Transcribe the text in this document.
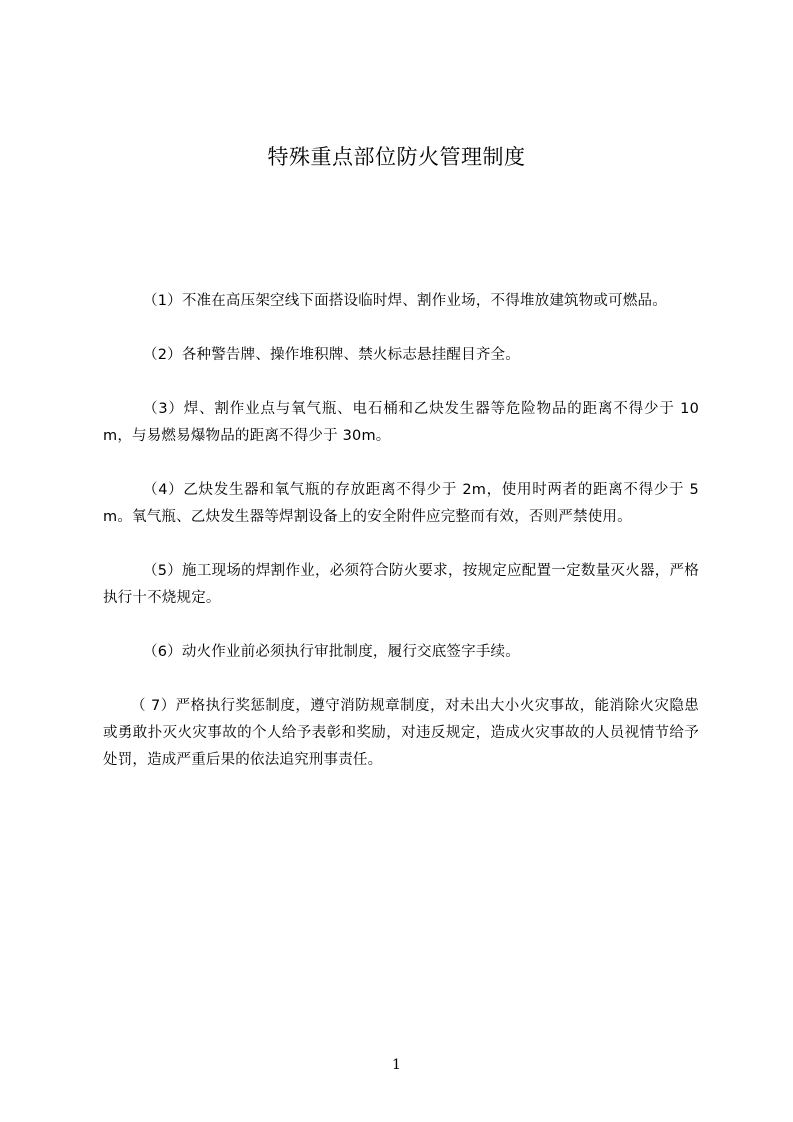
特殊重点部位防火管理制度

（1）不准在高压架空线下面搭设临时焊、割作业场，不得堆放建筑物或可燃品。

（2）各种警告牌、操作堆积牌、禁火标志悬挂醒目齐全。

（3）焊、割作业点与氧气瓶、电石桶和乙炔发生器等危险物品的距离不得少于 10m，与易燃易爆物品的距离不得少于 30m。

（4）乙炔发生器和氧气瓶的存放距离不得少于 2m，使用时两者的距离不得少于 5m。氧气瓶、乙炔发生器等焊割设备上的安全附件应完整而有效，否则严禁使用。

（5）施工现场的焊割作业，必须符合防火要求，按规定应配置一定数量灭火器，严格执行十不烧规定。

（6）动火作业前必须执行审批制度，履行交底签字手续。

（ 7）严格执行奖惩制度，遵守消防规章制度，对未出大小火灾事故，能消除火灾隐患或勇敢扑灭火灾事故的个人给予表彰和奖励，对违反规定，造成火灾事故的人员视情节给予处罚，造成严重后果的依法追究刑事责任。

1
